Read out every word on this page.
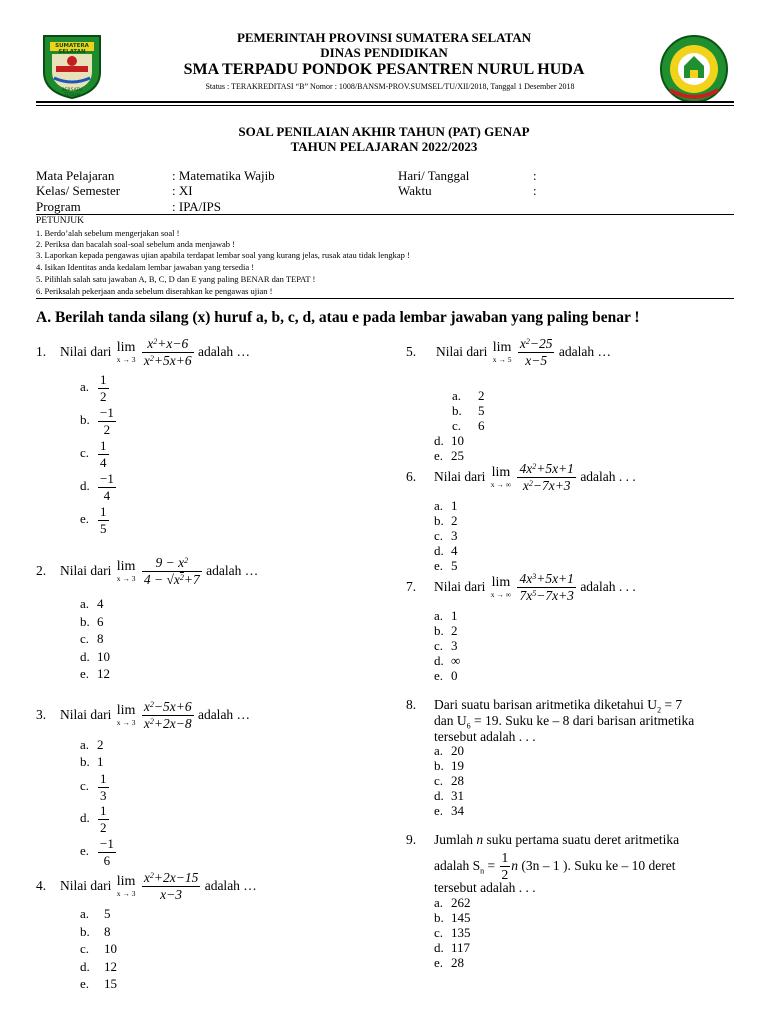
SUMATERA SELATAN
BERSATU TEGUH
PEMERINTAH PROVINSI SUMATERA SELATAN
DINAS PENDIDIKAN
SMA TERPADU PONDOK PESANTREN NURUL HUDA
Status : TERAKREDITASI “B” Nomor : 1008/BANSM-PROV.SUMSEL/TU/XII/2018, Tanggal 1 Desember 2018
SOAL PENILAIAN AKHIR TAHUN (PAT) GENAP
TAHUN PELAJARAN 2022/2023
Mata Pelajaran	: Matematika Wajib
Kelas/ Semester	: XI
Program	: IPA/IPS
Hari/ Tanggal	:
Waktu	:
PETUNJUK
1. Berdo’alah sebelum mengerjakan soal !
2. Periksa dan bacalah soal-soal sebelum anda menjawab !
3. Laporkan kepada pengawas ujian apabila terdapat lembar soal yang kurang jelas, rusak atau tidak lengkap !
4. Isikan Identitas anda kedalam lembar jawaban yang tersedia !
5. Pilihlah salah satu jawaban A, B, C, D dan E yang paling BENAR dan TEPAT !
6. Periksalah pekerjaan anda sebelum diserahkan ke pengawas ujian !
A. Berilah tanda silang (x) huruf a, b, c, d, atau e pada lembar jawaban yang paling benar !
1. Nilai dari lim
x → 3
$\frac{x^2+x-6}{x^2+5x+6}$ adalah …
a. $\frac{1}{2}$
b. $\frac{-1}{2}$
c. $\frac{1}{4}$
d. $\frac{-1}{4}$
e. $\frac{1}{5}$
2. Nilai dari lim
x → 3
$\frac{9 - x^2}{4 - √x^2+7}$ adalah …
a. 4
b. 6
c. 8
d. 10
e. 12
3. Nilai dari lim
x → 3
$\frac{x^2-5x+6}{x^2+2x-8}$ adalah …
a. 2
b. 1
c. $\frac{1}{3}$
d. $\frac{1}{2}$
e. $\frac{-1}{6}$
4. Nilai dari lim
x → 3
$\frac{x^2+2x-15}{x-3}$ adalah …
a. 5
b. 8
c. 10
d. 12
e. 15
5. Nilai dari lim
x → 5
$\frac{x^2-25}{x-5}$ adalah …
a. 2
b. 5
c. 6
d. 10
e. 25
6. Nilai dari lim
x → ∞
$\frac{4x^2+5x+1}{x^2-7x+3}$ adalah . . .
a. 1
b. 2
c. 3
d. 4
e. 5
7. Nilai dari lim
x → ∞
$\frac{4x^3+5x+1}{7x^5-7x+3}$ adalah . . .
a. 1
b. 2
c. 3
d. ∞
e. 0
8. Dari suatu barisan aritmetika diketahui $U_2 = 7$
dan $U_6 = 19$. Suku ke – 8 dari barisan aritmetika
tersebut adalah . . .
a. 20
b. 19
c. 28
d. 31
e. 34
9. Jumlah n suku pertama suatu deret aritmetika
adalah $S_n = \frac{1}{2}$ n (3n – 1 ). Suku ke – 10 deret
tersebut adalah . . .
a. 262
b. 145
c. 135
d. 117
e. 28
